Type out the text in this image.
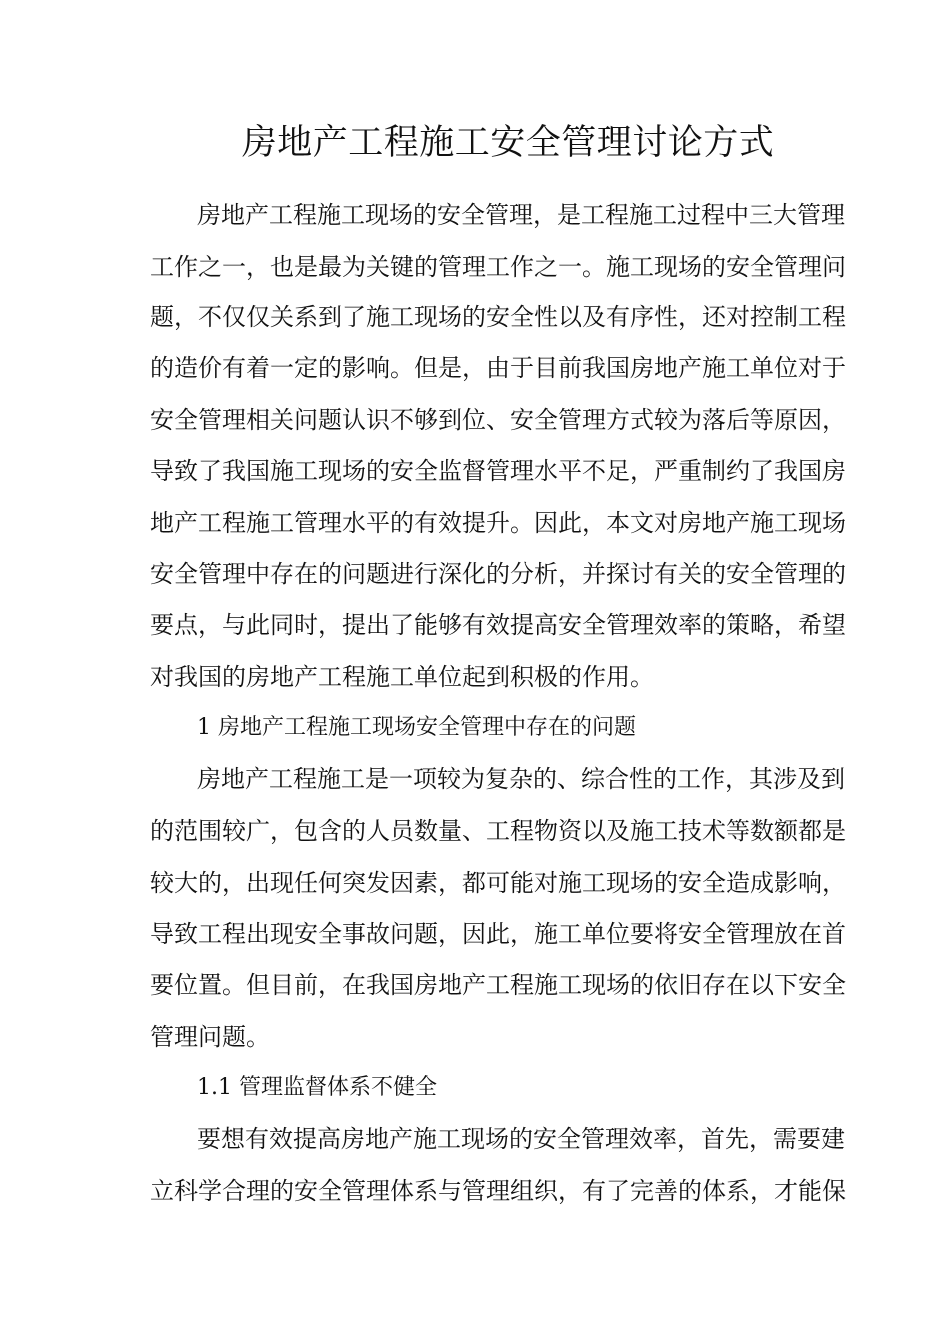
房地产工程施工安全管理讨论方式
房地产工程施工现场的安全管理，是工程施工过程中三大管理
工作之一，也是最为关键的管理工作之一。施工现场的安全管理问
题，不仅仅关系到了施工现场的安全性以及有序性，还对控制工程
的造价有着一定的影响。但是，由于目前我国房地产施工单位对于
安全管理相关问题认识不够到位、安全管理方式较为落后等原因，
导致了我国施工现场的安全监督管理水平不足，严重制约了我国房
地产工程施工管理水平的有效提升。因此，本文对房地产施工现场
安全管理中存在的问题进行深化的分析，并探讨有关的安全管理的
要点，与此同时，提出了能够有效提高安全管理效率的策略，希望
对我国的房地产工程施工单位起到积极的作用。
1 房地产工程施工现场安全管理中存在的问题
房地产工程施工是一项较为复杂的、综合性的工作，其涉及到
的范围较广，包含的人员数量、工程物资以及施工技术等数额都是
较大的，出现任何突发因素，都可能对施工现场的安全造成影响，
导致工程出现安全事故问题，因此，施工单位要将安全管理放在首
要位置。但目前，在我国房地产工程施工现场的依旧存在以下安全
管理问题。
1.1 管理监督体系不健全
要想有效提高房地产施工现场的安全管理效率，首先，需要建
立科学合理的安全管理体系与管理组织，有了完善的体系，才能保
